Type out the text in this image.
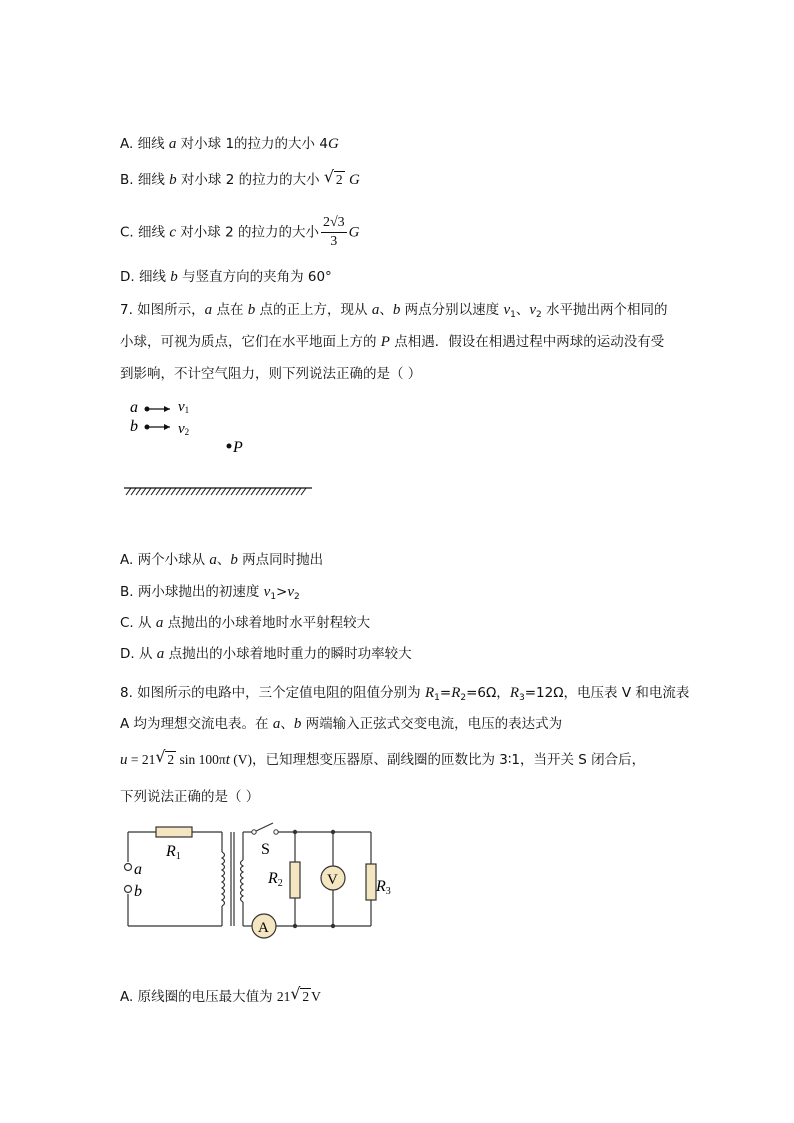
A. 细线 a 对小球 1的拉力的大小 4G
B. 细线 b 对小球 2 的拉力的大小 √ 2 G
C. 细线 c 对小球 2 的拉力的大小 $\frac{2√3}{3}$ G
D. 细线 b 与竖直方向的夹角为 60°
7. 如图所示，a 点在 b 点的正上方，现从 a、b 两点分别以速度 $v_1$、$v_2$ 水平抛出两个相同的
小球，可视为质点，它们在水平地面上方的 P 点相遇．假设在相遇过程中两球的运动没有受
到影响，不计空气阻力，则下列说法正确的是（ ）
a	v1
b	v2
P
A. 两个小球从 a、b 两点同时抛出
B. 两小球抛出的初速度 $v_1>v_2$
C. 从 a 点抛出的小球着地时水平射程较大
D. 从 a 点抛出的小球着地时重力的瞬时功率较大
8. 如图所示的电路中，三个定值电阻的阻值分别为 $R_1=R_2=6\Omega$，$R_3=12\Omega$，电压表 V 和电流表
A 均为理想交流电表。在 a、b 两端输入正弦式交变电流，电压的表达式为
u = 21 √ 2 sin 100πt (V)，已知理想变压器原、副线圈的匝数比为 3∶1，当开关 S 闭合后，
下列说法正确的是（ ）
R1
R2	R3
a
b
S
V
A
A. 原线圈的电压最大值为 21 √ 2 V
